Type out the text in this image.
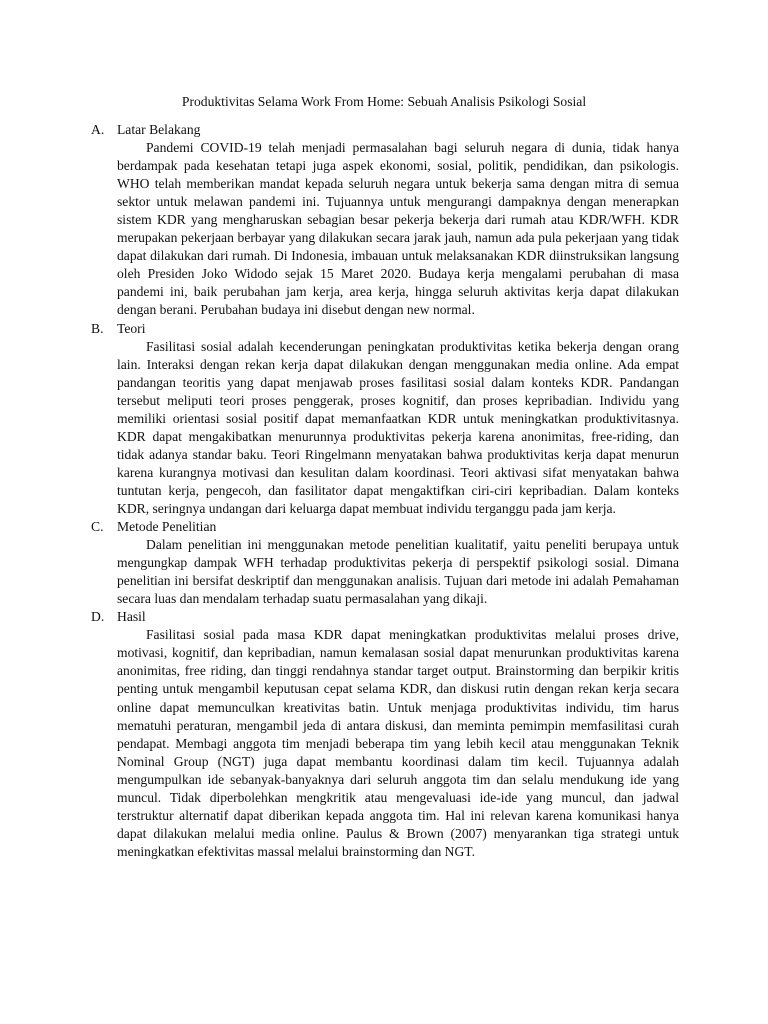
Produktivitas Selama Work From Home: Sebuah Analisis Psikologi Sosial
A. Latar Belakang

Pandemi COVID-19 telah menjadi permasalahan bagi seluruh negara di dunia, tidak hanya berdampak pada kesehatan tetapi juga aspek ekonomi, sosial, politik, pendidikan, dan psikologis. WHO telah memberikan mandat kepada seluruh negara untuk bekerja sama dengan mitra di semua sektor untuk melawan pandemi ini. Tujuannya untuk mengurangi dampaknya dengan menerapkan sistem KDR yang mengharuskan sebagian besar pekerja bekerja dari rumah atau KDR/WFH. KDR merupakan pekerjaan berbayar yang dilakukan secara jarak jauh, namun ada pula pekerjaan yang tidak dapat dilakukan dari rumah. Di Indonesia, imbauan untuk melaksanakan KDR diinstruksikan langsung oleh Presiden Joko Widodo sejak 15 Maret 2020. Budaya kerja mengalami perubahan di masa pandemi ini, baik perubahan jam kerja, area kerja, hingga seluruh aktivitas kerja dapat dilakukan dengan berani. Perubahan budaya ini disebut dengan new normal.

B. Teori

Fasilitasi sosial adalah kecenderungan peningkatan produktivitas ketika bekerja dengan orang lain. Interaksi dengan rekan kerja dapat dilakukan dengan menggunakan media online. Ada empat pandangan teoritis yang dapat menjawab proses fasilitasi sosial dalam konteks KDR. Pandangan tersebut meliputi teori proses penggerak, proses kognitif, dan proses kepribadian. Individu yang memiliki orientasi sosial positif dapat memanfaatkan KDR untuk meningkatkan produktivitasnya. KDR dapat mengakibatkan menurunnya produktivitas pekerja karena anonimitas, free-riding, dan tidak adanya standar baku. Teori Ringelmann menyatakan bahwa produktivitas kerja dapat menurun karena kurangnya motivasi dan kesulitan dalam koordinasi. Teori aktivasi sifat menyatakan bahwa tuntutan kerja, pengecoh, dan fasilitator dapat mengaktifkan ciri-ciri kepribadian. Dalam konteks KDR, seringnya undangan dari keluarga dapat membuat individu terganggu pada jam kerja.

C. Metode Penelitian

Dalam penelitian ini menggunakan metode penelitian kualitatif, yaitu peneliti berupaya untuk mengungkap dampak WFH terhadap produktivitas pekerja di perspektif psikologi sosial. Dimana penelitian ini bersifat deskriptif dan menggunakan analisis. Tujuan dari metode ini adalah Pemahaman secara luas dan mendalam terhadap suatu permasalahan yang dikaji.

D. Hasil

Fasilitasi sosial pada masa KDR dapat meningkatkan produktivitas melalui proses drive, motivasi, kognitif, dan kepribadian, namun kemalasan sosial dapat menurunkan produktivitas karena anonimitas, free riding, dan tinggi rendahnya standar target output. Brainstorming dan berpikir kritis penting untuk mengambil keputusan cepat selama KDR, dan diskusi rutin dengan rekan kerja secara online dapat memunculkan kreativitas batin. Untuk menjaga produktivitas individu, tim harus mematuhi peraturan, mengambil jeda di antara diskusi, dan meminta pemimpin memfasilitasi curah pendapat. Membagi anggota tim menjadi beberapa tim yang lebih kecil atau menggunakan Teknik Nominal Group (NGT) juga dapat membantu koordinasi dalam tim kecil. Tujuannya adalah mengumpulkan ide sebanyak-banyaknya dari seluruh anggota tim dan selalu mendukung ide yang muncul. Tidak diperbolehkan mengkritik atau mengevaluasi ide-ide yang muncul, dan jadwal terstruktur alternatif dapat diberikan kepada anggota tim. Hal ini relevan karena komunikasi hanya dapat dilakukan melalui media online. Paulus & Brown (2007) menyarankan tiga strategi untuk meningkatkan efektivitas massal melalui brainstorming dan NGT.
